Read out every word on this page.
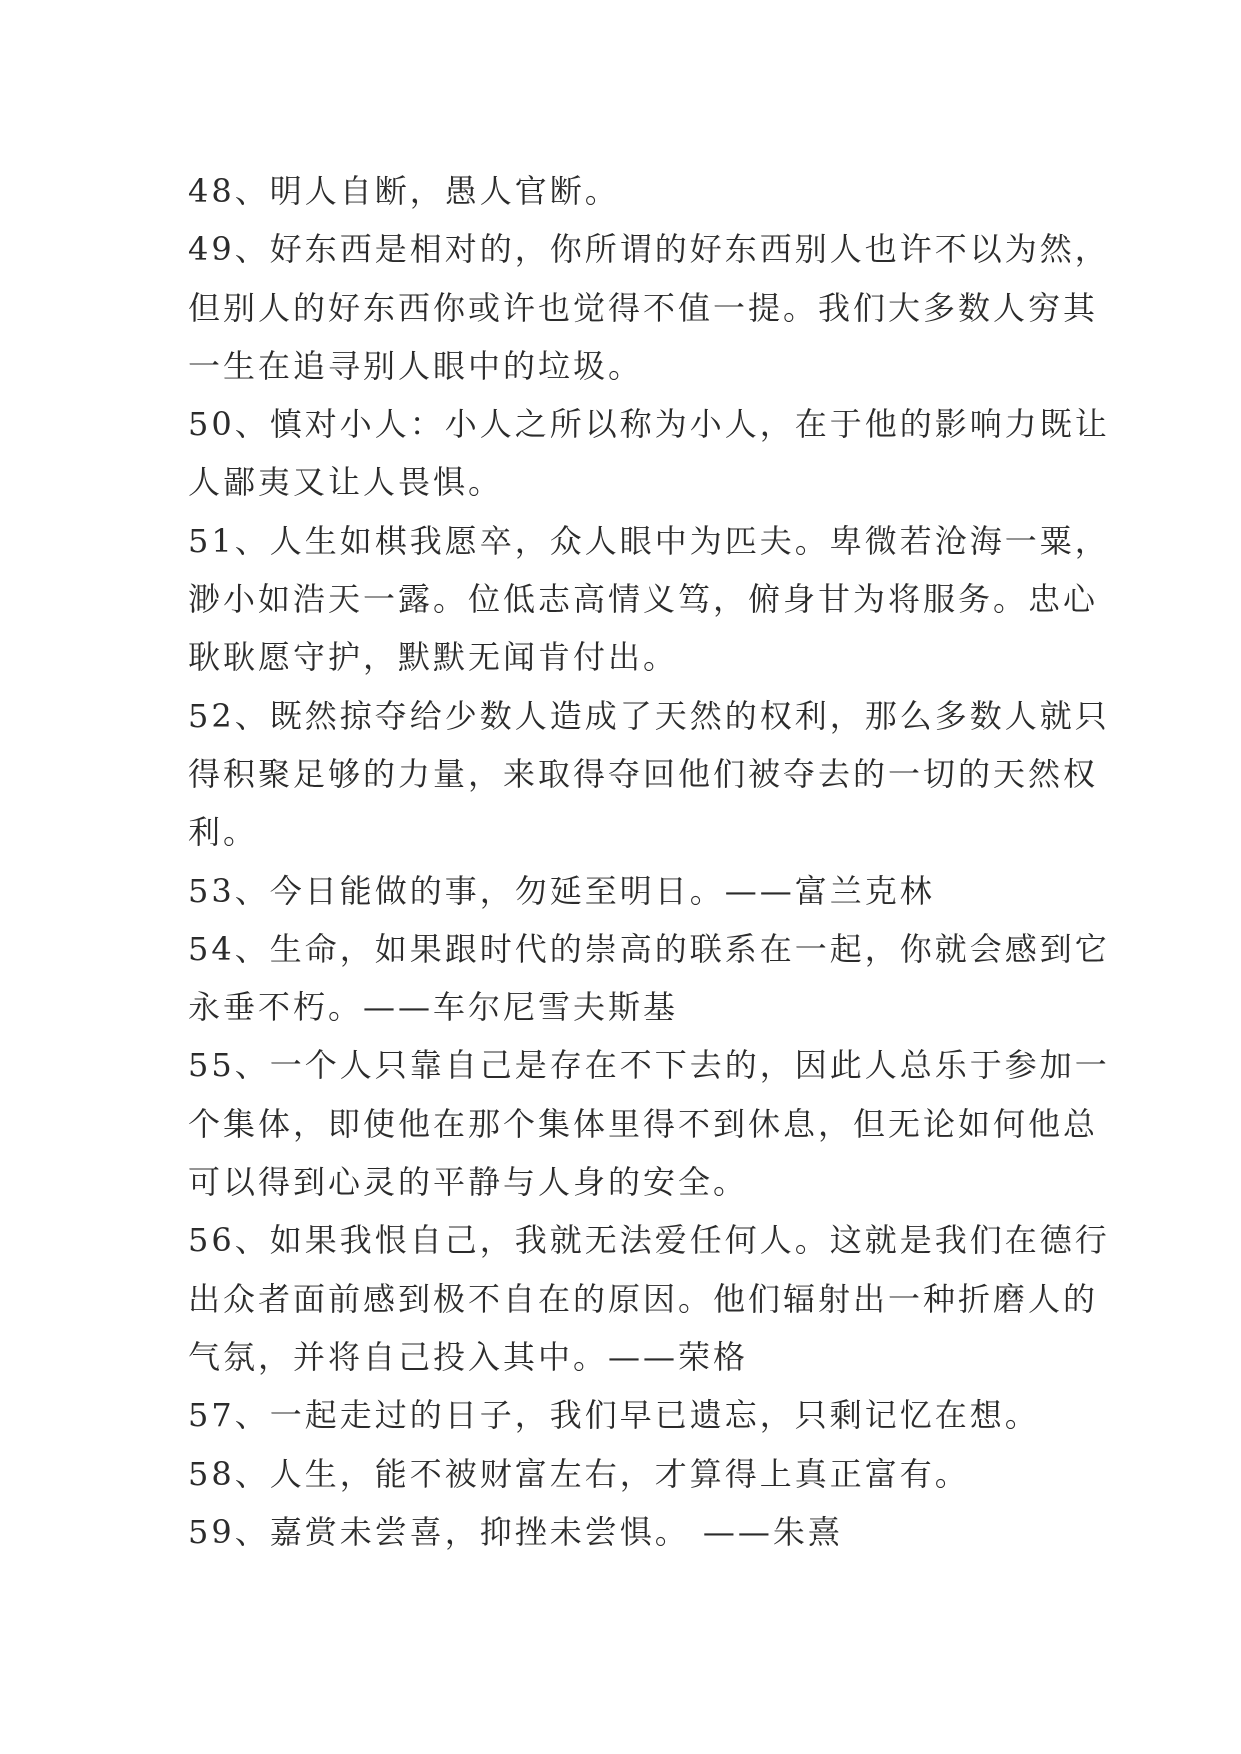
48、明人自断，愚人官断。
49、好东西是相对的，你所谓的好东西别人也许不以为然，
但别人的好东西你或许也觉得不值一提。我们大多数人穷其
一生在追寻别人眼中的垃圾。
50、慎对小人：小人之所以称为小人，在于他的影响力既让
人鄙夷又让人畏惧。
51、人生如棋我愿卒，众人眼中为匹夫。卑微若沧海一粟，
渺小如浩天一露。位低志高情义笃，俯身甘为将服务。忠心
耿耿愿守护，默默无闻肯付出。
52、既然掠夺给少数人造成了天然的权利，那么多数人就只
得积聚足够的力量，来取得夺回他们被夺去的一切的天然权
利。
53、今日能做的事，勿延至明日。——富兰克林
54、生命，如果跟时代的崇高的联系在一起，你就会感到它
永垂不朽。——车尔尼雪夫斯基
55、一个人只靠自己是存在不下去的，因此人总乐于参加一
个集体，即使他在那个集体里得不到休息，但无论如何他总
可以得到心灵的平静与人身的安全。
56、如果我恨自己，我就无法爱任何人。这就是我们在德行
出众者面前感到极不自在的原因。他们辐射出一种折磨人的
气氛，并将自己投入其中。——荣格
57、一起走过的日子，我们早已遗忘，只剩记忆在想。
58、人生，能不被财富左右，才算得上真正富有。
59、嘉赏未尝喜，抑挫未尝惧。 ——朱熹
